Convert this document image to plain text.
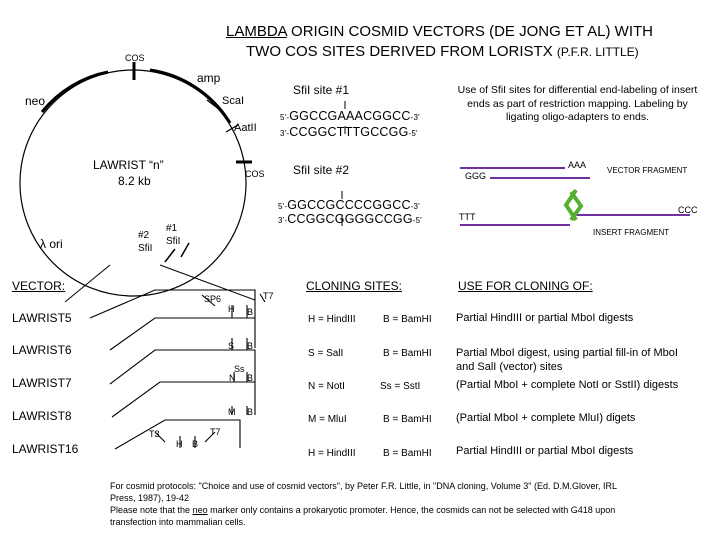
LAMBDA ORIGIN COSMID VECTORS (DE JONG ET AL) WITH
TWO COS SITES DERIVED FROM LORISTX (P.F.R. LITTLE)
COS
amp
neo	ScaI
AatII
LAWRIST “n”
8.2 kb	COS
λ ori
#2
SfiI
#1
SfiI
SfiI site #1
5'-GGCCGAAACGGCC-3'
3'-CCGGCTTTGCCGG-5'
SfiI site #2
5'-GGCCGCCCCGGCC-3'
3'-CCGGCGGGGCCGG-5'
Use of SfiI sites for differential end-labeling of insert ends as part of restriction mapping. Labeling by ligating oligo-adapters to ends.
GGG
AAA
VECTOR FRAGMENT
TTT
CCC
INSERT FRAGMENT
VECTOR:	CLONING SITES:	USE FOR CLONING OF:
SP6	T7
T3	T7
H B
S B
Ss
N B
M B
H B
LAWRIST5	H = HindIII	B = BamHI Partial HindIII or partial MboI digests
LAWRIST6	S = SalI	B = BamHI Partial MboI digest, using partial fill-in of MboI and SalI (vector) sites
LAWRIST7	N = NotI	Ss = SstI	(Partial MboI + complete NotI or SstII) digests
LAWRIST8	M = MluI	B = BamHI (Partial MboI + complete MluI) digets
LAWRIST16	H = HindIII	B = BamHI Partial HindIII or partial MboI digests
For cosmid protocols: "Choice and use of cosmid vectors", by Peter F.R. Little, in "DNA cloning, Volume 3" (Ed. D.M.Glover, IRL Press, 1987), 19-42
Please note that the neo marker only contains a prokaryotic promoter. Hence, the cosmids can not be selected with G418 upon transfection into mammalian cells.
